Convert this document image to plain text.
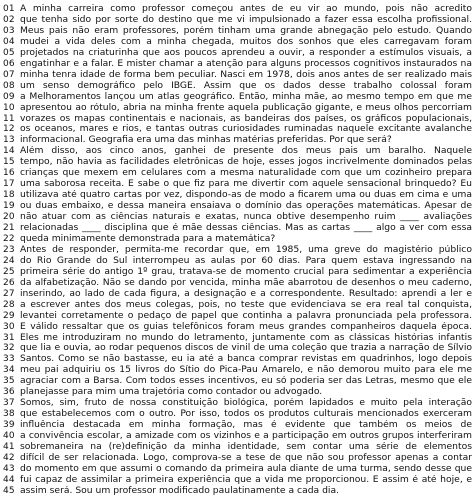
01 A minha carreira como professor começou antes de eu vir ao mundo, pois não acredito
02 que tenha sido por sorte do destino que me vi impulsionado a fazer essa escolha profissional.
03 Meus pais não eram professores, porém tinham uma grande abnegação pelo estudo. Quando
04 mudei a vida deles com a minha chegada, muitos dos sonhos que eles carregavam foram
05 projetados na criaturinha que aos poucos aprendeu a ouvir, a responder a estímulos visuais, a
06 engatinhar e a falar. É mister chamar a atenção para alguns processos cognitivos instaurados na
07 minha tenra idade de forma bem peculiar. Nasci em 1978, dois anos antes de ser realizado mais
08 um senso demográfico pelo IBGE. Assim que os dados desse trabalho colossal foram
09 a Melhoramentos lançou um atlas geográfico. Então, minha mãe, ao mesmo tempo em que me
10 apresentou ao rótulo, abria na minha frente aquela publicação gigante, e meus olhos percorriam
11 vorazes os mapas continentais e nacionais, as bandeiras dos países, os gráficos populacionais,
12 os oceanos, mares e rios, e tantas outras curiosidades ruminadas naquele excitante avalanche
13 informacional. Geografia era uma das minhas matérias preferidas. Por que será?
14 Além disso, aos cinco anos, ganhei de presente dos meus pais um baralho. Naquele
15 tempo, não havia as facilidades eletrônicas de hoje, esses jogos incrivelmente dominados pelas
16 crianças que mexem em celulares com a mesma naturalidade com que um cozinheiro prepara
17 uma saborosa receita. E sabe o que fiz para me divertir com aquele sensacional brinquedo? Eu
18 utilizava até quatro cartas por vez, dispondo-as de modo a ficarem uma ou duas em cima e uma
19 ou duas embaixo, e dessa maneira ensaiava o domínio das operações matemáticas. Apesar de
20 não atuar com as ciências naturais e exatas, nunca obtive desempenho ruim ____ avaliações
21 relacionadas ____ disciplina que é mãe dessas ciências. Mas as cartas ____ algo a ver com essa
22 queda minimamente demonstrada para a matemática?
23 Antes de responder, permita-me recordar que, em 1985, uma greve do magistério público
24 do Rio Grande do Sul interrompeu as aulas por 60 dias. Para quem estava ingressando na
25 primeira série do antigo 1º grau, tratava-se de momento crucial para sedimentar a experiência
26 da alfabetização. Não se dando por vencida, minha mãe abarrotou de desenhos o meu caderno,
27 inserindo, ao lado de cada figura, a designação e a correspondente. Resultado: aprendi a ler e
28 a escrever antes dos meus colegas, pois, no teste que evidenciava se era real tal conquista,
29 levantei corretamente o pedaço de papel que continha a palavra pronunciada pela professora.
30 É válido ressaltar que os guias telefônicos foram meus grandes companheiros daquela época.
31 Eles me introduziram no mundo do letramento, juntamente com as clássicas histórias infantis
32 que lia e ouvia, ao rodar pequenos discos de vinil de uma coleção que trazia a narração de Sílvio
33 Santos. Como se não bastasse, eu ia até a banca comprar revistas em quadrinhos, logo depois
34 meu pai adquiriu os 15 livros do Sítio do Pica-Pau Amarelo, e não demorou muito para ele me
35 agraciar com a Barsa. Com todos esses incentivos, eu só poderia ser das Letras, mesmo que ele
36 planejasse para mim uma trajetória como contador ou advogado.
37 Somos, sim, fruto de nossa constituição biológica, porém lapidados e muito pela interação
38 que estabelecemos com o outro. Por isso, todos os produtos culturais mencionados exerceram
39 influência destacada em minha formação, mas é evidente que também os meios de
40 a convivência escolar, a amizade com os vizinhos e a participação em outros grupos interferiram
41 sobremaneira na (re)definição da minha identidade, sem contar uma série de elementos
42 difícil de ser relacionada. Logo, comprova-se a tese de que não sou professor apenas a contar
43 do momento em que assumi o comando da primeira aula diante de uma turma, sendo desse que
44 fui capaz de assimilar a primeira experiência que a vida me proporcionou. E assim é até hoje, e
45 assim será. Sou um professor modificado paulatinamente a cada dia.
